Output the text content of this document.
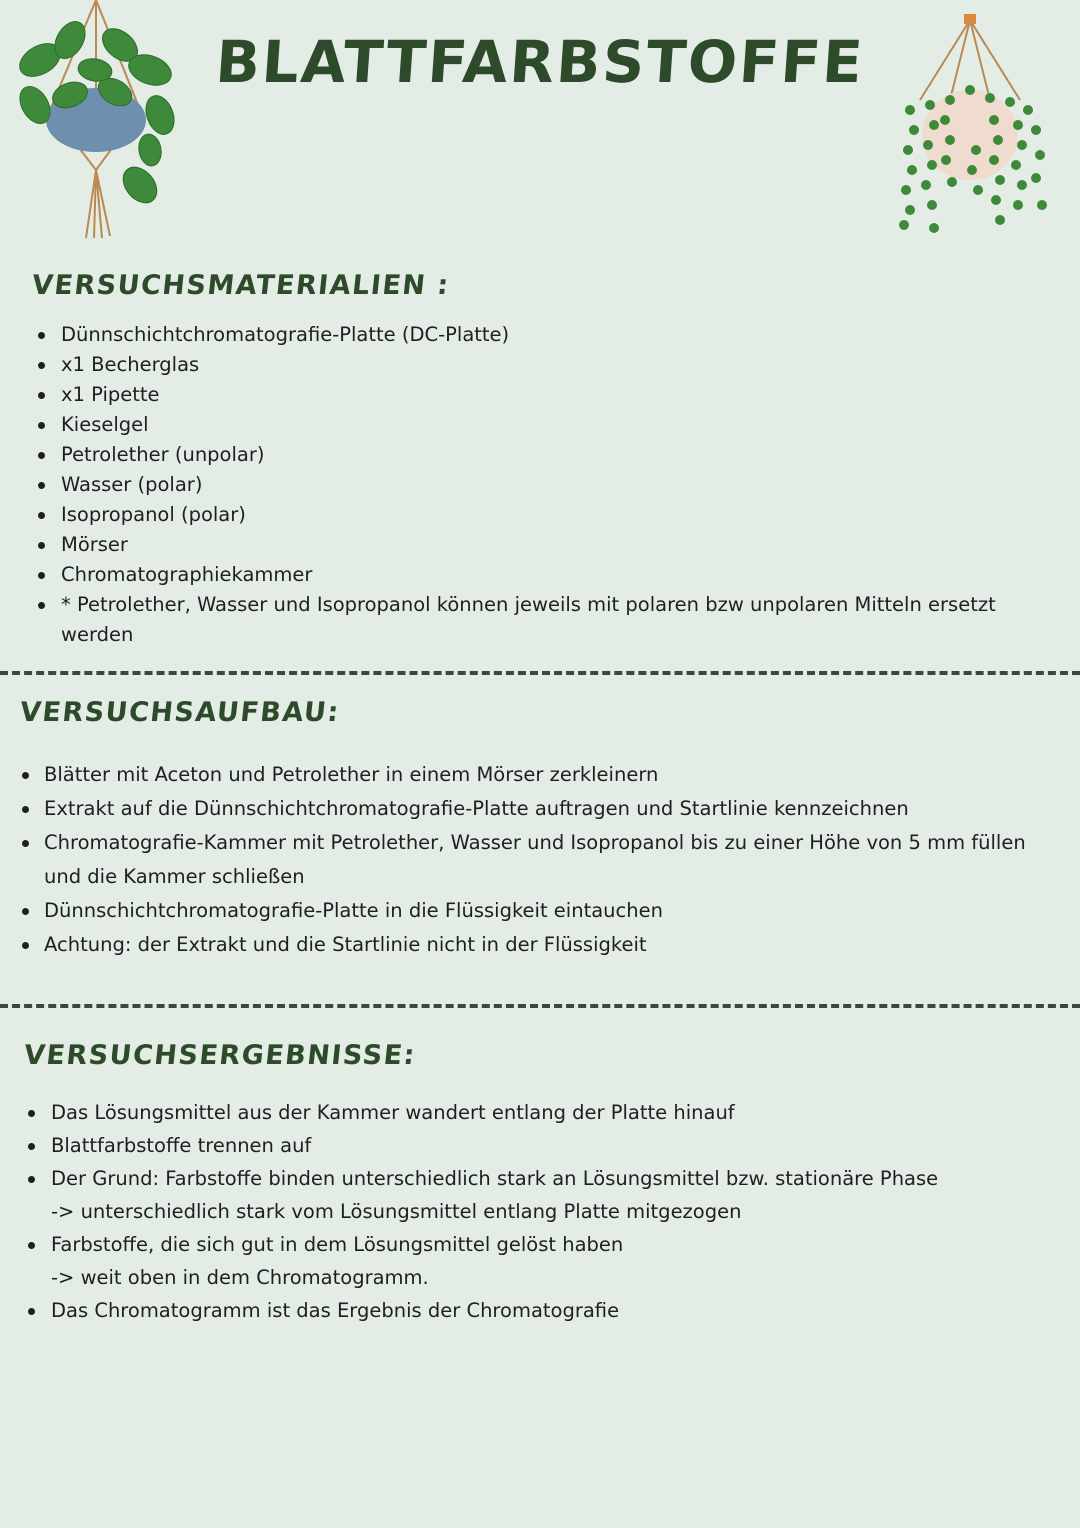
BLATTFARBSTOFFE
VERSUCHSMATERIALIEN :
Dünnschichtchromatografie-Platte (DC-Platte)
x1 Becherglas
x1 Pipette
Kieselgel
Petrolether (unpolar)
Wasser (polar)
Isopropanol (polar)
Mörser
Chromatographiekammer
* Petrolether, Wasser und Isopropanol können jeweils mit polaren bzw unpolaren Mitteln ersetzt werden
VERSUCHSAUFBAU:
Blätter mit Aceton und Petrolether in einem Mörser zerkleinern
Extrakt auf die Dünnschichtchromatografie-Platte auftragen und Startlinie kennzeichnen
Chromatografie-Kammer mit Petrolether, Wasser und Isopropanol bis zu einer Höhe von 5 mm füllen und die Kammer schließen
Dünnschichtchromatografie-Platte in die Flüssigkeit eintauchen
Achtung: der Extrakt und die Startlinie nicht in der Flüssigkeit
VERSUCHSERGEBNISSE:
Das Lösungsmittel aus der Kammer wandert entlang der Platte hinauf
Blattfarbstoffe trennen auf
Der Grund: Farbstoffe binden unterschiedlich stark an Lösungsmittel bzw. stationäre Phase
-> unterschiedlich stark vom Lösungsmittel entlang Platte mitgezogen
Farbstoffe, die sich gut in dem Lösungsmittel gelöst haben
-> weit oben in dem Chromatogramm.
Das Chromatogramm ist das Ergebnis der Chromatografie
